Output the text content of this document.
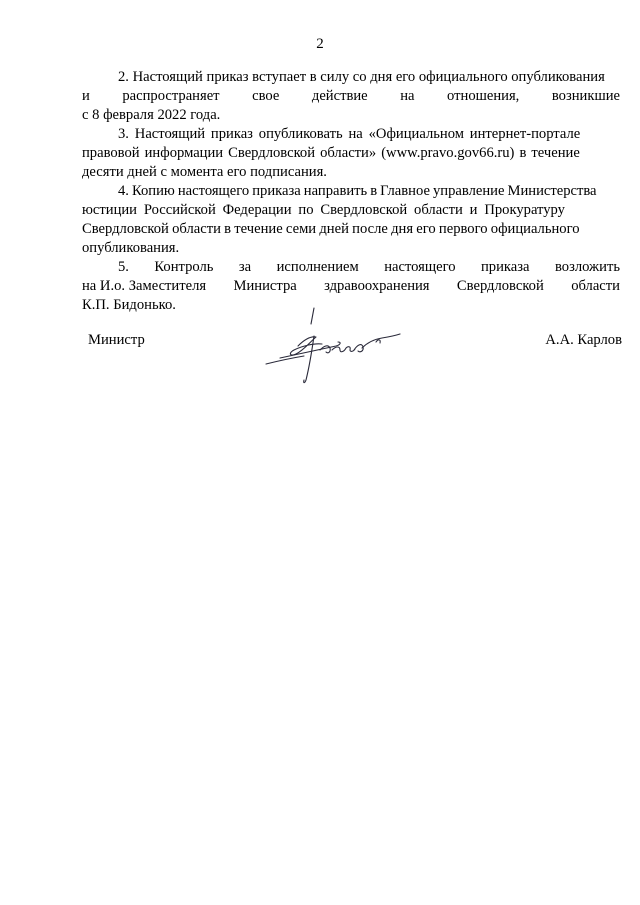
2
2. Настоящий приказ вступает в силу со дня его официального опубликования
и распространяет свое действие на отношения, возникшие
с 8 февраля 2022 года.
3. Настоящий приказ опубликовать на «Официальном интернет-портале
правовой информации Свердловской области» (www.pravo.gov66.ru) в течение
десяти дней с момента его подписания.
4. Копию настоящего приказа направить в Главное управление Министерства
юстиции Российской Федерации по Свердловской области и Прокуратуру
Свердловской области в течение семи дней после дня его первого официального
опубликования.
5. Контроль за исполнением настоящего приказа возложить
на И.о. Заместителя Министра здравоохранения Свердловской области
К.П. Бидонько.
Министр	А.А. Карлов
